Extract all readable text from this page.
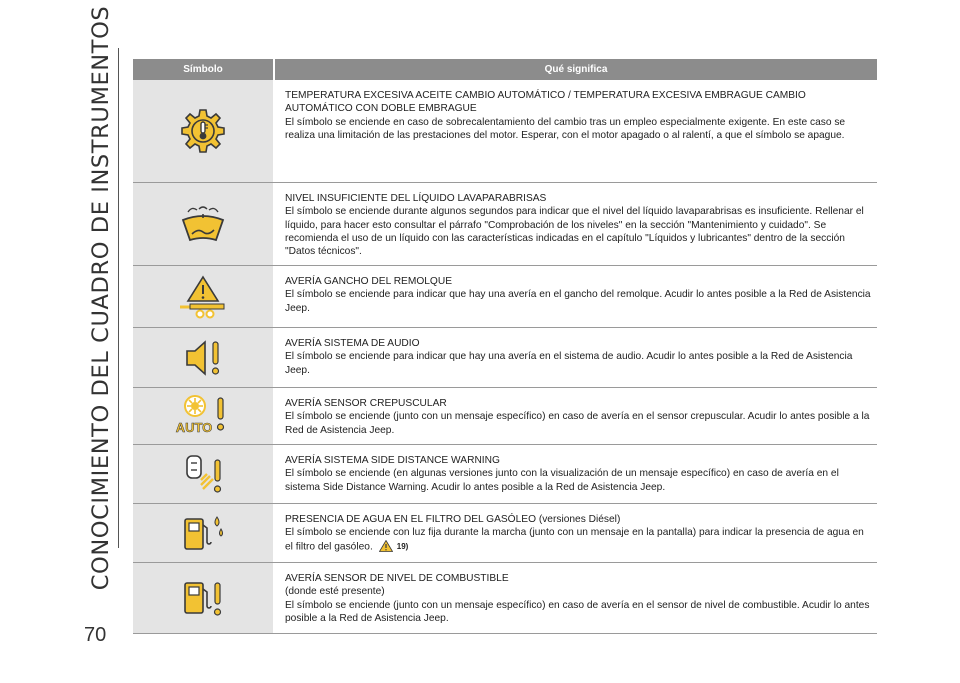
CONOCIMIENTO DEL CUADRO DE INSTRUMENTOS
70
Símbolo	Qué significa
TEMPERATURA EXCESIVA ACEITE CAMBIO AUTOMÁTICO / TEMPERATURA EXCESIVA EMBRAGUE CAMBIO AUTOMÁTICO CON DOBLE EMBRAGUE
El símbolo se enciende en caso de sobrecalentamiento del cambio tras un empleo especialmente exigente. En este caso se realiza una limitación de las prestaciones del motor. Esperar, con el motor apagado o al ralentí, a que el símbolo se apague.
NIVEL INSUFICIENTE DEL LÍQUIDO LAVAPARABRISAS
El símbolo se enciende durante algunos segundos para indicar que el nivel del líquido lavaparabrisas es insuficiente. Rellenar el líquido, para hacer esto consultar el párrafo "Comprobación de los niveles" en la sección "Mantenimiento y cuidado". Se recomienda el uso de un líquido con las características indicadas en el capítulo "Líquidos y lubricantes" dentro de la sección "Datos técnicos".
AVERÍA GANCHO DEL REMOLQUE
El símbolo se enciende para indicar que hay una avería en el gancho del remolque. Acudir lo antes posible a la Red de Asistencia Jeep.
AVERÍA SISTEMA DE AUDIO
El símbolo se enciende para indicar que hay una avería en el sistema de audio. Acudir lo antes posible a la Red de Asistencia Jeep.
AUTO
AVERÍA SENSOR CREPUSCULAR
El símbolo se enciende (junto con un mensaje específico) en caso de avería en el sensor crepuscular. Acudir lo antes posible a la Red de Asistencia Jeep.
AVERÍA SISTEMA SIDE DISTANCE WARNING
El símbolo se enciende (en algunas versiones junto con la visualización de un mensaje específico) en caso de avería en el sistema Side Distance Warning. Acudir lo antes posible a la Red de Asistencia Jeep.
PRESENCIA DE AGUA EN EL FILTRO DEL GASÓLEO (versiones Diésel)
El símbolo se enciende con luz fija durante la marcha (junto con un mensaje en la pantalla) para indicar la presencia de agua en el filtro del gasóleo.	19)
AVERÍA SENSOR DE NIVEL DE COMBUSTIBLE
(donde esté presente)
El símbolo se enciende (junto con un mensaje específico) en caso de avería en el sensor de nivel de combustible. Acudir lo antes posible a la Red de Asistencia Jeep.
